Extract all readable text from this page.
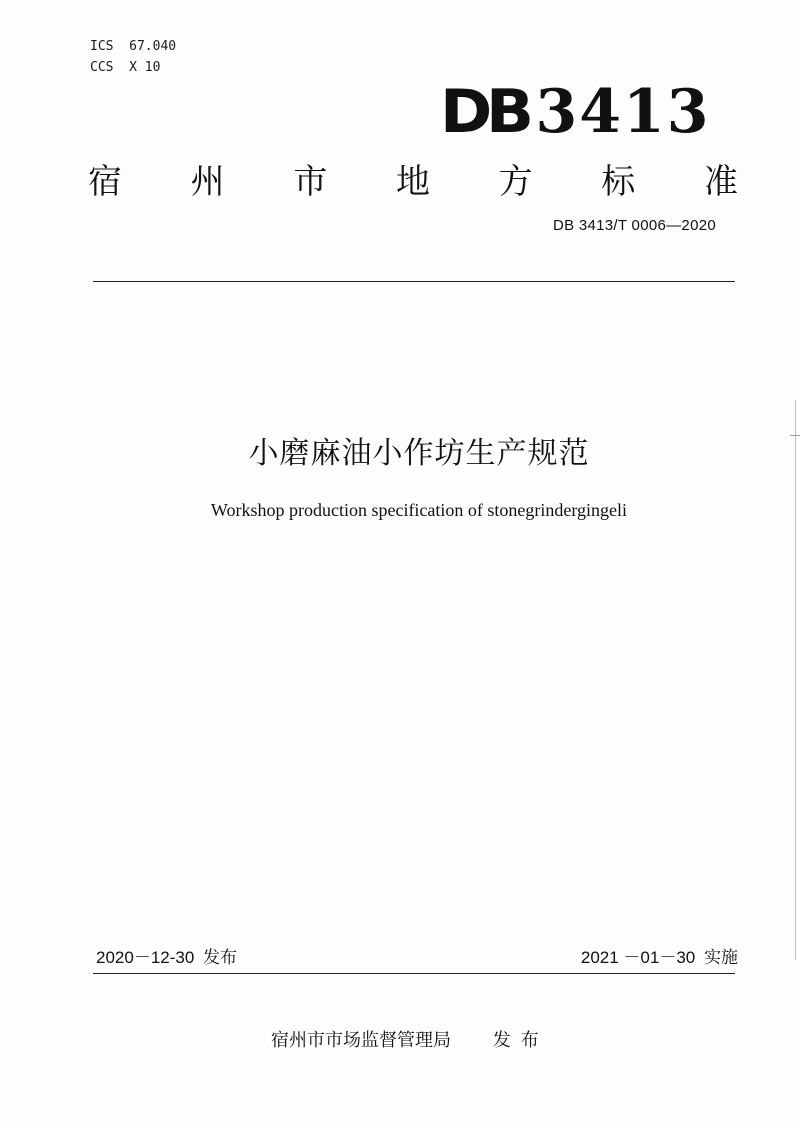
ICS  67.040
CCS  X 10
DB 3413
宿 州 市 地 方 标 准
DB 3413/T 0006—2020
小磨麻油小作坊生产规范
Workshop production specification of stonegrindergingeli
2020－12-30 发布	2021 －01－30 实施
宿州市市场监督管理局 发布
